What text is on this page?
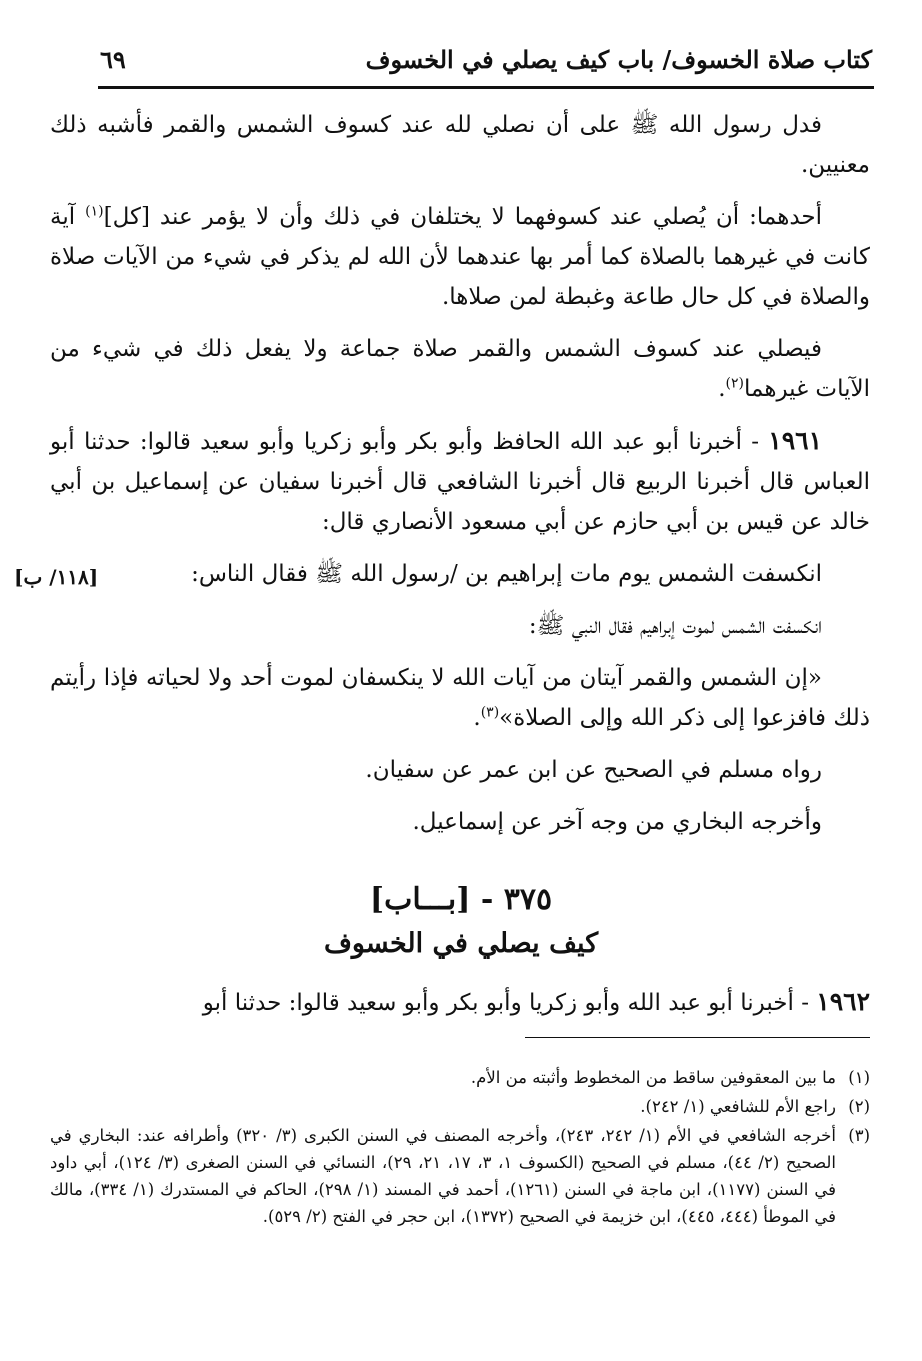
كتاب صلاة الخسوف/ باب كيف يصلي في الخسوف
٦٩
[١١٨/ ب]

فدل رسول الله ﷺ على أن نصلي لله عند كسوف الشمس والقمر فأشبه ذلك معنيين.

أحدهما: أن يُصلي عند كسوفهما لا يختلفان في ذلك وأن لا يؤمر عند [كل]$^{(١)}$ آية كانت في غيرهما بالصلاة كما أمر بها عندهما لأن الله لم يذكر في شيء من الآيات صلاة والصلاة في كل حال طاعة وغبطة لمن صلاها.

فيصلي عند كسوف الشمس والقمر صلاة جماعة ولا يفعل ذلك في شيء من الآيات غيرهما$^{(٢)}$.

١٩٦١ - أخبرنا أبو عبد الله الحافظ وأبو بكر وأبو زكريا وأبو سعيد قالوا: حدثنا أبو العباس قال أخبرنا الربيع قال أخبرنا الشافعي قال أخبرنا سفيان عن إسماعيل بن أبي خالد عن قيس بن أبي حازم عن أبي مسعود الأنصاري قال:

انكسفت الشمس يوم مات إبراهيم بن /رسول الله ﷺ فقال الناس:

انكسفت الشمس لموت إبراهيم فقال النبي ﷺ:

«إن الشمس والقمر آيتان من آيات الله لا ينكسفان لموت أحد ولا لحياته فإذا رأيتم ذلك فافزعوا إلى ذكر الله وإلى الصلاة»$^{(٣)}$.

رواه مسلم في الصحيح عن ابن عمر عن سفيان.

وأخرجه البخاري من وجه آخر عن إسماعيل.

٣٧٥ - [بـــاب]

كيف يصلي في الخسوف

١٩٦٢ - أخبرنا أبو عبد الله وأبو زكريا وأبو بكر وأبو سعيد قالوا: حدثنا أبو

(١)
ما بين المعقوفين ساقط من المخطوط وأثبته من الأم.

(٢)
راجع الأم للشافعي (١/ ٢٤٢).

(٣)
أخرجه الشافعي في الأم (١/ ٢٤٢، ٢٤٣)، وأخرجه المصنف في السنن الكبرى (٣/ ٣٢٠) وأطرافه عند: البخاري في الصحيح (٢/ ٤٤)، مسلم في الصحيح (الكسوف ١، ٣، ١٧، ٢١، ٢٩)، النسائي في السنن الصغرى (٣/ ١٢٤)، أبي داود في السنن (١١٧٧)، ابن ماجة في السنن (١٢٦١)، أحمد في المسند (١/ ٢٩٨)، الحاكم في المستدرك (١/ ٣٣٤)، مالك في الموطأ (٤٤٤، ٤٤٥)، ابن خزيمة في الصحيح (١٣٧٢)، ابن حجر في الفتح (٢/ ٥٢٩).
